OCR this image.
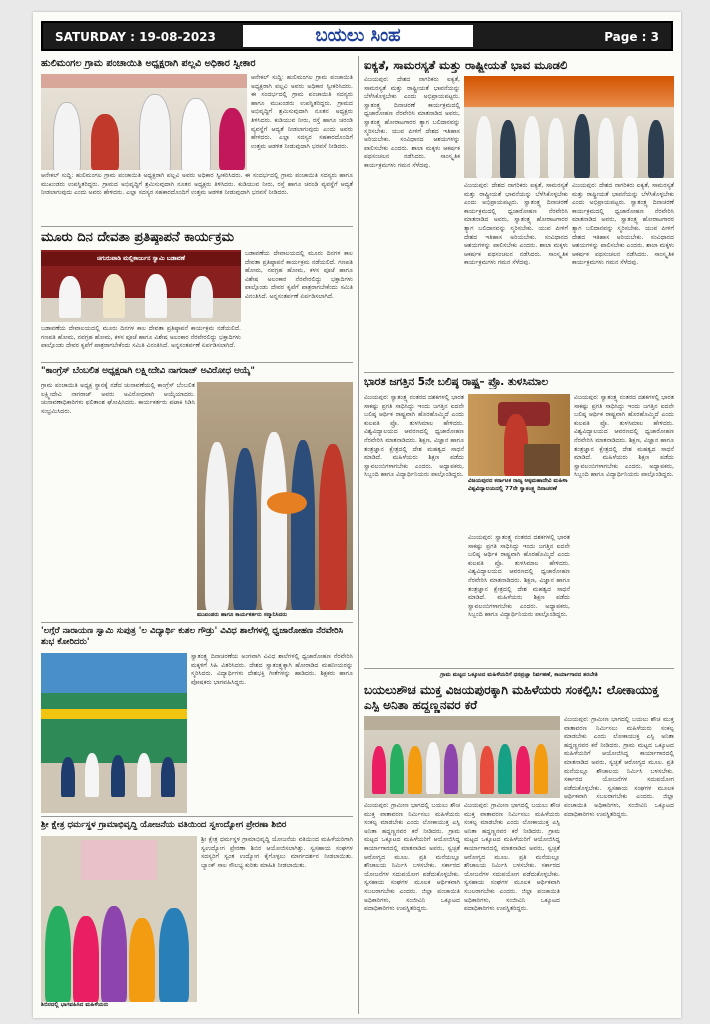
SATURDAY : 19-08-2023	ಬಯಲು ಸಿಂಹ	Page : 3
ಹುಲಿಮಂಗಲ ಗ್ರಾಮ ಪಂಚಾಯಿತಿ ಅಧ್ಯಕ್ಷರಾಗಿ ಪಲ್ಲವಿ ಅಧಿಕಾರ ಸ್ವೀಕಾರ
ಆನೇಕಲ್ ಸುದ್ದಿ: ಹುಲಿಮಂಗಲ ಗ್ರಾಮ ಪಂಚಾಯಿತಿ ಅಧ್ಯಕ್ಷರಾಗಿ ಪಲ್ಲವಿ ಅವರು ಅಧಿಕಾರ ಸ್ವೀಕರಿಸಿದರು. ಈ ಸಂದರ್ಭದಲ್ಲಿ ಗ್ರಾಮ ಪಂಚಾಯಿತಿ ಸದಸ್ಯರು ಹಾಗೂ ಮುಖಂಡರು ಉಪಸ್ಥಿತರಿದ್ದರು. ಗ್ರಾಮದ ಅಭಿವೃದ್ಧಿಗೆ ಶ್ರಮಿಸುವುದಾಗಿ ನೂತನ ಅಧ್ಯಕ್ಷರು ತಿಳಿಸಿದರು. ಕುಡಿಯುವ ನೀರು, ರಸ್ತೆ ಹಾಗೂ ಚರಂಡಿ ವ್ಯವಸ್ಥೆಗೆ ಆದ್ಯತೆ ನೀಡಲಾಗುವುದು ಎಂದು ಅವರು ಹೇಳಿದರು. ಎಲ್ಲಾ ಸದಸ್ಯರ ಸಹಕಾರದೊಂದಿಗೆ ಉತ್ತಮ ಆಡಳಿತ ನೀಡುವುದಾಗಿ ಭರವಸೆ ನೀಡಿದರು.
ಆನೇಕಲ್ ಸುದ್ದಿ: ಹುಲಿಮಂಗಲ ಗ್ರಾಮ ಪಂಚಾಯಿತಿ ಅಧ್ಯಕ್ಷರಾಗಿ ಪಲ್ಲವಿ ಅವರು ಅಧಿಕಾರ ಸ್ವೀಕರಿಸಿದರು. ಈ ಸಂದರ್ಭದಲ್ಲಿ ಗ್ರಾಮ ಪಂಚಾಯಿತಿ ಸದಸ್ಯರು ಹಾಗೂ ಮುಖಂಡರು ಉಪಸ್ಥಿತರಿದ್ದರು. ಗ್ರಾಮದ ಅಭಿವೃದ್ಧಿಗೆ ಶ್ರಮಿಸುವುದಾಗಿ ನೂತನ ಅಧ್ಯಕ್ಷರು ತಿಳಿಸಿದರು. ಕುಡಿಯುವ ನೀರು, ರಸ್ತೆ ಹಾಗೂ ಚರಂಡಿ ವ್ಯವಸ್ಥೆಗೆ ಆದ್ಯತೆ ನೀಡಲಾಗುವುದು ಎಂದು ಅವರು ಹೇಳಿದರು. ಎಲ್ಲಾ ಸದಸ್ಯರ ಸಹಕಾರದೊಂದಿಗೆ ಉತ್ತಮ ಆಡಳಿತ ನೀಡುವುದಾಗಿ ಭರವಸೆ ನೀಡಿದರು.
ಮೂರು ದಿನ ದೇವತಾ ಪ್ರತಿಷ್ಠಾಪನೆ ಕಾರ್ಯಕ್ರಮ
ಚಿಗುರುಪಾಡಿ ಮಲ್ಲಿಕಾರ್ಜುನ ಸ್ವಾಮಿ ಬಡಾವಣೆ
ಬಡಾವಣೆಯ ದೇವಾಲಯದಲ್ಲಿ ಮೂರು ದಿನಗಳ ಕಾಲ ದೇವತಾ ಪ್ರತಿಷ್ಠಾಪನೆ ಕಾರ್ಯಕ್ರಮ ನಡೆಯಲಿದೆ. ಗಣಪತಿ ಹೋಮ, ನವಗ್ರಹ ಹೋಮ, ಕಳಸ ಪೂಜೆ ಹಾಗೂ ವಿಶೇಷ ಅಲಂಕಾರ ನೆರವೇರಲಿದ್ದು ಭಕ್ತಾದಿಗಳು ಪಾಲ್ಗೊಂಡು ದೇವರ ಕೃಪೆಗೆ ಪಾತ್ರರಾಗಬೇಕೆಂದು ಸಮಿತಿ ವಿನಂತಿಸಿದೆ. ಅನ್ನಸಂತರ್ಪಣೆ ಏರ್ಪಡಿಸಲಾಗಿದೆ.
ಬಡಾವಣೆಯ ದೇವಾಲಯದಲ್ಲಿ ಮೂರು ದಿನಗಳ ಕಾಲ ದೇವತಾ ಪ್ರತಿಷ್ಠಾಪನೆ ಕಾರ್ಯಕ್ರಮ ನಡೆಯಲಿದೆ. ಗಣಪತಿ ಹೋಮ, ನವಗ್ರಹ ಹೋಮ, ಕಳಸ ಪೂಜೆ ಹಾಗೂ ವಿಶೇಷ ಅಲಂಕಾರ ನೆರವೇರಲಿದ್ದು ಭಕ್ತಾದಿಗಳು ಪಾಲ್ಗೊಂಡು ದೇವರ ಕೃಪೆಗೆ ಪಾತ್ರರಾಗಬೇಕೆಂದು ಸಮಿತಿ ವಿನಂತಿಸಿದೆ. ಅನ್ನಸಂತರ್ಪಣೆ ಏರ್ಪಡಿಸಲಾಗಿದೆ.
"ಕಾಂಗ್ರೆಸ್ ಬೆಂಬಲಿತ ಅಧ್ಯಕ್ಷರಾಗಿ ಲಕ್ಷ್ಮೀದೇವಿ ನಾಗರಾಜ್ ಅವಿರೋಧ ಆಯ್ಕೆ"
ಗ್ರಾಮ ಪಂಚಾಯಿತಿ ಅಧ್ಯಕ್ಷ ಸ್ಥಾನಕ್ಕೆ ನಡೆದ ಚುನಾವಣೆಯಲ್ಲಿ ಕಾಂಗ್ರೆಸ್ ಬೆಂಬಲಿತ ಲಕ್ಷ್ಮೀದೇವಿ ನಾಗರಾಜ್ ಅವರು ಅವಿರೋಧವಾಗಿ ಆಯ್ಕೆಯಾದರು. ಚುನಾವಣಾಧಿಕಾರಿಗಳು ಫಲಿತಾಂಶ ಘೋಷಿಸಿದರು. ಕಾರ್ಯಕರ್ತರು ಪಟಾಕಿ ಸಿಡಿಸಿ ಸಂಭ್ರಮಿಸಿದರು.
ಮುಖಂಡರು ಹಾಗೂ ಕಾರ್ಯಕರ್ತರು ಸನ್ಮಾನಿಸಿದರು
'ಲಗ್ಗೆರೆ ನಾರಾಯಣ ಸ್ವಾಮಿ ಸುಪುತ್ರ 'ಲ ವಿದ್ಯಾರ್ಥಿ ಕುಶಲ ಗೌಡ್ರು' ವಿವಿಧ ಶಾಲೆಗಳಲ್ಲಿ ಧ್ವಜಾರೋಹಣ ನೆರವೇರಿಸಿ ಶುಭ ಕೋರಿದರು'
ಸ್ವಾತಂತ್ರ್ಯ ದಿನಾಚರಣೆಯ ಅಂಗವಾಗಿ ವಿವಿಧ ಶಾಲೆಗಳಲ್ಲಿ ಧ್ವಜಾರೋಹಣ ನೆರವೇರಿಸಿ ಮಕ್ಕಳಿಗೆ ಸಿಹಿ ವಿತರಿಸಿದರು. ದೇಶದ ಸ್ವಾತಂತ್ರ್ಯಕ್ಕಾಗಿ ಹೋರಾಡಿದ ಮಹನೀಯರನ್ನು ಸ್ಮರಿಸಿದರು. ವಿದ್ಯಾರ್ಥಿಗಳು ದೇಶಭಕ್ತಿ ಗೀತೆಗಳನ್ನು ಹಾಡಿದರು. ಶಿಕ್ಷಕರು ಹಾಗೂ ಪೋಷಕರು ಭಾಗವಹಿಸಿದ್ದರು.
ಶ್ರೀ ಕ್ಷೇತ್ರ ಧರ್ಮಸ್ಥಳ ಗ್ರಾಮಾಭಿವೃದ್ಧಿ ಯೋಜನೆಯ ವತಿಯಿಂದ ಸ್ವಉದ್ಯೋಗ ಪ್ರೇರಣಾ ಶಿಬಿರ
ಶಿಬಿರದಲ್ಲಿ ಭಾಗವಹಿಸಿದ ಮಹಿಳೆಯರು
ಶ್ರೀ ಕ್ಷೇತ್ರ ಧರ್ಮಸ್ಥಳ ಗ್ರಾಮಾಭಿವೃದ್ಧಿ ಯೋಜನೆಯ ವತಿಯಿಂದ ಮಹಿಳೆಯರಿಗಾಗಿ ಸ್ವಉದ್ಯೋಗ ಪ್ರೇರಣಾ ಶಿಬಿರ ಆಯೋಜಿಸಲಾಗಿತ್ತು. ಸ್ವಸಹಾಯ ಸಂಘಗಳ ಸದಸ್ಯರಿಗೆ ಸ್ವಂತ ಉದ್ಯೋಗ ಕೈಗೊಳ್ಳಲು ಮಾರ್ಗದರ್ಶನ ನೀಡಲಾಯಿತು. ಬ್ಯಾಂಕ್ ಸಾಲ ಸೌಲಭ್ಯ ಕುರಿತು ಮಾಹಿತಿ ನೀಡಲಾಯಿತು.
ಐಕ್ಯತೆ, ಸಾಮರಸ್ಯತೆ ಮತ್ತು ರಾಷ್ಟ್ರೀಯತೆ ಭಾವ ಮೂಡಲಿ
ವಿಜಯಪುರ: ದೇಶದ ನಾಗರಿಕರು ಐಕ್ಯತೆ, ಸಾಮರಸ್ಯತೆ ಮತ್ತು ರಾಷ್ಟ್ರೀಯತೆ ಭಾವನೆಯನ್ನು ಬೆಳೆಸಿಕೊಳ್ಳಬೇಕು ಎಂದು ಅಭಿಪ್ರಾಯಪಟ್ಟರು. ಸ್ವಾತಂತ್ರ್ಯ ದಿನಾಚರಣೆ ಕಾರ್ಯಕ್ರಮದಲ್ಲಿ ಧ್ವಜಾರೋಹಣ ನೆರವೇರಿಸಿ ಮಾತನಾಡಿದ ಅವರು, ಸ್ವಾತಂತ್ರ್ಯ ಹೋರಾಟಗಾರರ ತ್ಯಾಗ ಬಲಿದಾನವನ್ನು ಸ್ಮರಿಸಬೇಕು. ಯುವ ಪೀಳಿಗೆ ದೇಶದ ಇತಿಹಾಸ ಅರಿಯಬೇಕು. ಸಂವಿಧಾನದ ಆಶಯಗಳನ್ನು ಪಾಲಿಸಬೇಕು ಎಂದರು. ಶಾಲಾ ಮಕ್ಕಳು ಆಕರ್ಷಕ ಪಥಸಂಚಲನ ನಡೆಸಿದರು. ಸಾಂಸ್ಕೃತಿಕ ಕಾರ್ಯಕ್ರಮಗಳು ಗಮನ ಸೆಳೆದವು.
ವಿಜಯಪುರ: ದೇಶದ ನಾಗರಿಕರು ಐಕ್ಯತೆ, ಸಾಮರಸ್ಯತೆ ಮತ್ತು ರಾಷ್ಟ್ರೀಯತೆ ಭಾವನೆಯನ್ನು ಬೆಳೆಸಿಕೊಳ್ಳಬೇಕು ಎಂದು ಅಭಿಪ್ರಾಯಪಟ್ಟರು. ಸ್ವಾತಂತ್ರ್ಯ ದಿನಾಚರಣೆ ಕಾರ್ಯಕ್ರಮದಲ್ಲಿ ಧ್ವಜಾರೋಹಣ ನೆರವೇರಿಸಿ ಮಾತನಾಡಿದ ಅವರು, ಸ್ವಾತಂತ್ರ್ಯ ಹೋರಾಟಗಾರರ ತ್ಯಾಗ ಬಲಿದಾನವನ್ನು ಸ್ಮರಿಸಬೇಕು. ಯುವ ಪೀಳಿಗೆ ದೇಶದ ಇತಿಹಾಸ ಅರಿಯಬೇಕು. ಸಂವಿಧಾನದ ಆಶಯಗಳನ್ನು ಪಾಲಿಸಬೇಕು ಎಂದರು. ಶಾಲಾ ಮಕ್ಕಳು ಆಕರ್ಷಕ ಪಥಸಂಚಲನ ನಡೆಸಿದರು. ಸಾಂಸ್ಕೃತಿಕ ಕಾರ್ಯಕ್ರಮಗಳು ಗಮನ ಸೆಳೆದವು.
ವಿಜಯಪುರ: ದೇಶದ ನಾಗರಿಕರು ಐಕ್ಯತೆ, ಸಾಮರಸ್ಯತೆ ಮತ್ತು ರಾಷ್ಟ್ರೀಯತೆ ಭಾವನೆಯನ್ನು ಬೆಳೆಸಿಕೊಳ್ಳಬೇಕು ಎಂದು ಅಭಿಪ್ರಾಯಪಟ್ಟರು. ಸ್ವಾತಂತ್ರ್ಯ ದಿನಾಚರಣೆ ಕಾರ್ಯಕ್ರಮದಲ್ಲಿ ಧ್ವಜಾರೋಹಣ ನೆರವೇರಿಸಿ ಮಾತನಾಡಿದ ಅವರು, ಸ್ವಾತಂತ್ರ್ಯ ಹೋರಾಟಗಾರರ ತ್ಯಾಗ ಬಲಿದಾನವನ್ನು ಸ್ಮರಿಸಬೇಕು. ಯುವ ಪೀಳಿಗೆ ದೇಶದ ಇತಿಹಾಸ ಅರಿಯಬೇಕು. ಸಂವಿಧಾನದ ಆಶಯಗಳನ್ನು ಪಾಲಿಸಬೇಕು ಎಂದರು. ಶಾಲಾ ಮಕ್ಕಳು ಆಕರ್ಷಕ ಪಥಸಂಚಲನ ನಡೆಸಿದರು. ಸಾಂಸ್ಕೃತಿಕ ಕಾರ್ಯಕ್ರಮಗಳು ಗಮನ ಸೆಳೆದವು.
ಭಾರತ ಜಗತ್ತಿನ 5ನೇ ಬಲಿಷ್ಠ ರಾಷ್ಟ್ರ– ಪ್ರೊ. ತುಳಸಿಮಾಲ
ವಿಜಯಪುರ: ಸ್ವಾತಂತ್ರ್ಯ ನಂತರದ ದಶಕಗಳಲ್ಲಿ ಭಾರತ ಸಾಕಷ್ಟು ಪ್ರಗತಿ ಸಾಧಿಸಿದ್ದು ಇಂದು ಜಗತ್ತಿನ ಐದನೇ ಬಲಿಷ್ಠ ಆರ್ಥಿಕ ರಾಷ್ಟ್ರವಾಗಿ ಹೊರಹೊಮ್ಮಿದೆ ಎಂದು ಕುಲಪತಿ ಪ್ರೊ. ತುಳಸಿಮಾಲ ಹೇಳಿದರು. ವಿಶ್ವವಿದ್ಯಾಲಯದ ಆವರಣದಲ್ಲಿ ಧ್ವಜಾರೋಹಣ ನೆರವೇರಿಸಿ ಮಾತನಾಡಿದರು. ಶಿಕ್ಷಣ, ವಿಜ್ಞಾನ ಹಾಗೂ ತಂತ್ರಜ್ಞಾನ ಕ್ಷೇತ್ರದಲ್ಲಿ ದೇಶ ಮಹತ್ವದ ಸಾಧನೆ ಮಾಡಿದೆ. ಮಹಿಳೆಯರು ಶಿಕ್ಷಣ ಪಡೆದು ಸ್ವಾವಲಂಬಿಗಳಾಗಬೇಕು ಎಂದರು. ಅಧ್ಯಾಪಕರು, ಸಿಬ್ಬಂದಿ ಹಾಗೂ ವಿದ್ಯಾರ್ಥಿನಿಯರು ಪಾಲ್ಗೊಂಡಿದ್ದರು.
ವಿಜಯಪುರದ ಕರ್ನಾಟಕ ರಾಜ್ಯ ಅಕ್ಕಮಹಾದೇವಿ ಮಹಿಳಾ ವಿಶ್ವವಿದ್ಯಾಲಯದಲ್ಲಿ 77ನೇ ಸ್ವಾತಂತ್ರ್ಯ ದಿನಾಚರಣೆ
ವಿಜಯಪುರ: ಸ್ವಾತಂತ್ರ್ಯ ನಂತರದ ದಶಕಗಳಲ್ಲಿ ಭಾರತ ಸಾಕಷ್ಟು ಪ್ರಗತಿ ಸಾಧಿಸಿದ್ದು ಇಂದು ಜಗತ್ತಿನ ಐದನೇ ಬಲಿಷ್ಠ ಆರ್ಥಿಕ ರಾಷ್ಟ್ರವಾಗಿ ಹೊರಹೊಮ್ಮಿದೆ ಎಂದು ಕುಲಪತಿ ಪ್ರೊ. ತುಳಸಿಮಾಲ ಹೇಳಿದರು. ವಿಶ್ವವಿದ್ಯಾಲಯದ ಆವರಣದಲ್ಲಿ ಧ್ವಜಾರೋಹಣ ನೆರವೇರಿಸಿ ಮಾತನಾಡಿದರು. ಶಿಕ್ಷಣ, ವಿಜ್ಞಾನ ಹಾಗೂ ತಂತ್ರಜ್ಞಾನ ಕ್ಷೇತ್ರದಲ್ಲಿ ದೇಶ ಮಹತ್ವದ ಸಾಧನೆ ಮಾಡಿದೆ. ಮಹಿಳೆಯರು ಶಿಕ್ಷಣ ಪಡೆದು ಸ್ವಾವಲಂಬಿಗಳಾಗಬೇಕು ಎಂದರು. ಅಧ್ಯಾಪಕರು, ಸಿಬ್ಬಂದಿ ಹಾಗೂ ವಿದ್ಯಾರ್ಥಿನಿಯರು ಪಾಲ್ಗೊಂಡಿದ್ದರು.
ವಿಜಯಪುರ: ಸ್ವಾತಂತ್ರ್ಯ ನಂತರದ ದಶಕಗಳಲ್ಲಿ ಭಾರತ ಸಾಕಷ್ಟು ಪ್ರಗತಿ ಸಾಧಿಸಿದ್ದು ಇಂದು ಜಗತ್ತಿನ ಐದನೇ ಬಲಿಷ್ಠ ಆರ್ಥಿಕ ರಾಷ್ಟ್ರವಾಗಿ ಹೊರಹೊಮ್ಮಿದೆ ಎಂದು ಕುಲಪತಿ ಪ್ರೊ. ತುಳಸಿಮಾಲ ಹೇಳಿದರು. ವಿಶ್ವವಿದ್ಯಾಲಯದ ಆವರಣದಲ್ಲಿ ಧ್ವಜಾರೋಹಣ ನೆರವೇರಿಸಿ ಮಾತನಾಡಿದರು. ಶಿಕ್ಷಣ, ವಿಜ್ಞಾನ ಹಾಗೂ ತಂತ್ರಜ್ಞಾನ ಕ್ಷೇತ್ರದಲ್ಲಿ ದೇಶ ಮಹತ್ವದ ಸಾಧನೆ ಮಾಡಿದೆ. ಮಹಿಳೆಯರು ಶಿಕ್ಷಣ ಪಡೆದು ಸ್ವಾವಲಂಬಿಗಳಾಗಬೇಕು ಎಂದರು. ಅಧ್ಯಾಪಕರು, ಸಿಬ್ಬಂದಿ ಹಾಗೂ ವಿದ್ಯಾರ್ಥಿನಿಯರು ಪಾಲ್ಗೊಂಡಿದ್ದರು.
ಗ್ರಾಮ ಮಟ್ಟದ ಒಕ್ಕೂಟದ ಮಹಿಳೆಯರಿಗೆ ಧನಪ್ರಜ್ಞಾ ನಿರ್ವಹಣೆ, ಕಾರ್ಯಾಗಾರದ ತರಬೇತಿ
ಬಯಲುಶೌಚ ಮುಕ್ತ ವಿಜಯಪುರಕ್ಕಾಗಿ ಮಹಿಳೆಯರು ಸಂಕಲ್ಪಿಸಿ: ಲೋಕಾಯುಕ್ತ ಎಸ್ಪಿ ಅನಿತಾ ಹದ್ದಣ್ಣನವರ ಕರೆ
ವಿಜಯಪುರ: ಗ್ರಾಮೀಣ ಭಾಗದಲ್ಲಿ ಬಯಲು ಶೌಚ ಮುಕ್ತ ವಾತಾವರಣ ನಿರ್ಮಿಸಲು ಮಹಿಳೆಯರು ಸಂಕಲ್ಪ ಮಾಡಬೇಕು ಎಂದು ಲೋಕಾಯುಕ್ತ ಎಸ್ಪಿ ಅನಿತಾ ಹದ್ದಣ್ಣನವರ ಕರೆ ನೀಡಿದರು. ಗ್ರಾಮ ಮಟ್ಟದ ಒಕ್ಕೂಟದ ಮಹಿಳೆಯರಿಗೆ ಆಯೋಜಿಸಿದ್ದ ಕಾರ್ಯಾಗಾರದಲ್ಲಿ ಮಾತನಾಡಿದ ಅವರು, ಸ್ವಚ್ಛತೆ ಆರೋಗ್ಯದ ಮೂಲ. ಪ್ರತಿ ಮನೆಯಲ್ಲೂ ಶೌಚಾಲಯ ನಿರ್ಮಿಸಿ ಬಳಸಬೇಕು. ಸರ್ಕಾರದ ಯೋಜನೆಗಳ ಸದುಪಯೋಗ ಪಡೆದುಕೊಳ್ಳಬೇಕು. ಸ್ವಸಹಾಯ ಸಂಘಗಳ ಮೂಲಕ ಆರ್ಥಿಕವಾಗಿ ಸಬಲರಾಗಬೇಕು ಎಂದರು. ಜಿಲ್ಲಾ ಪಂಚಾಯಿತಿ ಅಧಿಕಾರಿಗಳು, ಸಂಜೀವಿನಿ ಒಕ್ಕೂಟದ ಪದಾಧಿಕಾರಿಗಳು ಉಪಸ್ಥಿತರಿದ್ದರು.
ವಿಜಯಪುರ: ಗ್ರಾಮೀಣ ಭಾಗದಲ್ಲಿ ಬಯಲು ಶೌಚ ಮುಕ್ತ ವಾತಾವರಣ ನಿರ್ಮಿಸಲು ಮಹಿಳೆಯರು ಸಂಕಲ್ಪ ಮಾಡಬೇಕು ಎಂದು ಲೋಕಾಯುಕ್ತ ಎಸ್ಪಿ ಅನಿತಾ ಹದ್ದಣ್ಣನವರ ಕರೆ ನೀಡಿದರು. ಗ್ರಾಮ ಮಟ್ಟದ ಒಕ್ಕೂಟದ ಮಹಿಳೆಯರಿಗೆ ಆಯೋಜಿಸಿದ್ದ ಕಾರ್ಯಾಗಾರದಲ್ಲಿ ಮಾತನಾಡಿದ ಅವರು, ಸ್ವಚ್ಛತೆ ಆರೋಗ್ಯದ ಮೂಲ. ಪ್ರತಿ ಮನೆಯಲ್ಲೂ ಶೌಚಾಲಯ ನಿರ್ಮಿಸಿ ಬಳಸಬೇಕು. ಸರ್ಕಾರದ ಯೋಜನೆಗಳ ಸದುಪಯೋಗ ಪಡೆದುಕೊಳ್ಳಬೇಕು. ಸ್ವಸಹಾಯ ಸಂಘಗಳ ಮೂಲಕ ಆರ್ಥಿಕವಾಗಿ ಸಬಲರಾಗಬೇಕು ಎಂದರು. ಜಿಲ್ಲಾ ಪಂಚಾಯಿತಿ ಅಧಿಕಾರಿಗಳು, ಸಂಜೀವಿನಿ ಒಕ್ಕೂಟದ ಪದಾಧಿಕಾರಿಗಳು ಉಪಸ್ಥಿತರಿದ್ದರು.
ವಿಜಯಪುರ: ಗ್ರಾಮೀಣ ಭಾಗದಲ್ಲಿ ಬಯಲು ಶೌಚ ಮುಕ್ತ ವಾತಾವರಣ ನಿರ್ಮಿಸಲು ಮಹಿಳೆಯರು ಸಂಕಲ್ಪ ಮಾಡಬೇಕು ಎಂದು ಲೋಕಾಯುಕ್ತ ಎಸ್ಪಿ ಅನಿತಾ ಹದ್ದಣ್ಣನವರ ಕರೆ ನೀಡಿದರು. ಗ್ರಾಮ ಮಟ್ಟದ ಒಕ್ಕೂಟದ ಮಹಿಳೆಯರಿಗೆ ಆಯೋಜಿಸಿದ್ದ ಕಾರ್ಯಾಗಾರದಲ್ಲಿ ಮಾತನಾಡಿದ ಅವರು, ಸ್ವಚ್ಛತೆ ಆರೋಗ್ಯದ ಮೂಲ. ಪ್ರತಿ ಮನೆಯಲ್ಲೂ ಶೌಚಾಲಯ ನಿರ್ಮಿಸಿ ಬಳಸಬೇಕು. ಸರ್ಕಾರದ ಯೋಜನೆಗಳ ಸದುಪಯೋಗ ಪಡೆದುಕೊಳ್ಳಬೇಕು. ಸ್ವಸಹಾಯ ಸಂಘಗಳ ಮೂಲಕ ಆರ್ಥಿಕವಾಗಿ ಸಬಲರಾಗಬೇಕು ಎಂದರು. ಜಿಲ್ಲಾ ಪಂಚಾಯಿತಿ ಅಧಿಕಾರಿಗಳು, ಸಂಜೀವಿನಿ ಒಕ್ಕೂಟದ ಪದಾಧಿಕಾರಿಗಳು ಉಪಸ್ಥಿತರಿದ್ದರು.
